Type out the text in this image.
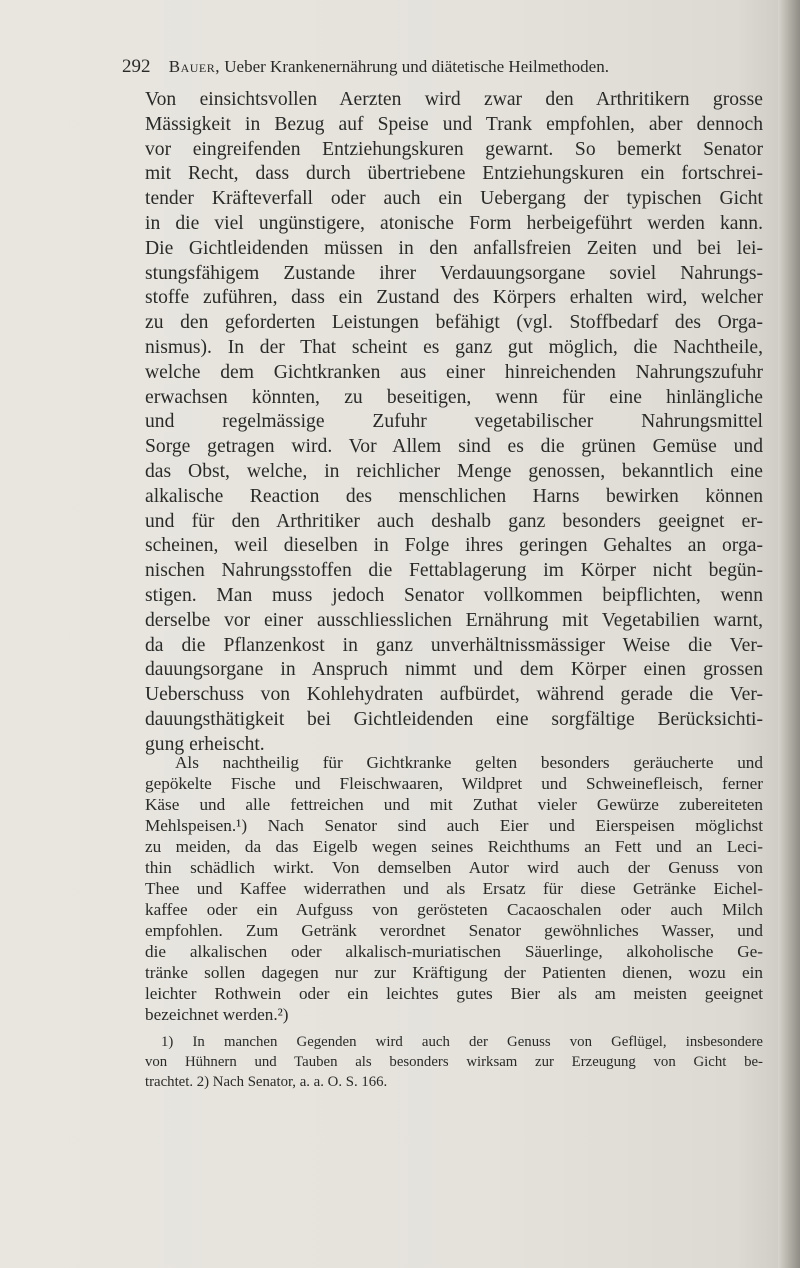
292 Bauer, Ueber Krankenernährung und diätetische Heilmethoden.

Von einsichtsvollen Aerzten wird zwar den Arthritikern grosse
Mässigkeit in Bezug auf Speise und Trank empfohlen, aber dennoch
vor eingreifenden Entziehungskuren gewarnt. So bemerkt Senator
mit Recht, dass durch übertriebene Entziehungskuren ein fortschrei-
tender Kräfteverfall oder auch ein Uebergang der typischen Gicht
in die viel ungünstigere, atonische Form herbeigeführt werden kann.
Die Gichtleidenden müssen in den anfallsfreien Zeiten und bei lei-
stungsfähigem Zustande ihrer Verdauungsorgane soviel Nahrungs-
stoffe zuführen, dass ein Zustand des Körpers erhalten wird, welcher
zu den geforderten Leistungen befähigt (vgl. Stoffbedarf des Orga-
nismus). In der That scheint es ganz gut möglich, die Nachtheile,
welche dem Gichtkranken aus einer hinreichenden Nahrungszufuhr
erwachsen könnten, zu beseitigen, wenn für eine hinlängliche
und regelmässige Zufuhr vegetabilischer Nahrungsmittel
Sorge getragen wird. Vor Allem sind es die grünen Gemüse und
das Obst, welche, in reichlicher Menge genossen, bekanntlich eine
alkalische Reaction des menschlichen Harns bewirken können
und für den Arthritiker auch deshalb ganz besonders geeignet er-
scheinen, weil dieselben in Folge ihres geringen Gehaltes an orga-
nischen Nahrungsstoffen die Fettablagerung im Körper nicht begün-
stigen. Man muss jedoch Senator vollkommen beipflichten, wenn
derselbe vor einer ausschliesslichen Ernährung mit Vegetabilien warnt,
da die Pflanzenkost in ganz unverhältnissmässiger Weise die Ver-
dauungsorgane in Anspruch nimmt und dem Körper einen grossen
Ueberschuss von Kohlehydraten aufbürdet, während gerade die Ver-
dauungsthätigkeit bei Gichtleidenden eine sorgfältige Berücksichti-
gung erheischt.

Als nachtheilig für Gichtkranke gelten besonders geräucherte und
gepökelte Fische und Fleischwaaren, Wildpret und Schweinefleisch, ferner
Käse und alle fettreichen und mit Zuthat vieler Gewürze zubereiteten
Mehlspeisen.¹) Nach Senator sind auch Eier und Eierspeisen möglichst
zu meiden, da das Eigelb wegen seines Reichthums an Fett und an Leci-
thin schädlich wirkt. Von demselben Autor wird auch der Genuss von
Thee und Kaffee widerrathen und als Ersatz für diese Getränke Eichel-
kaffee oder ein Aufguss von gerösteten Cacaoschalen oder auch Milch
empfohlen. Zum Getränk verordnet Senator gewöhnliches Wasser, und
die alkalischen oder alkalisch-muriatischen Säuerlinge, alkoholische Ge-
tränke sollen dagegen nur zur Kräftigung der Patienten dienen, wozu ein
leichter Rothwein oder ein leichtes gutes Bier als am meisten geeignet
bezeichnet werden.²)

1) In manchen Gegenden wird auch der Genuss von Geflügel, insbesondere
von Hühnern und Tauben als besonders wirksam zur Erzeugung von Gicht be-
trachtet. 2) Nach Senator, a. a. O. S. 166.
